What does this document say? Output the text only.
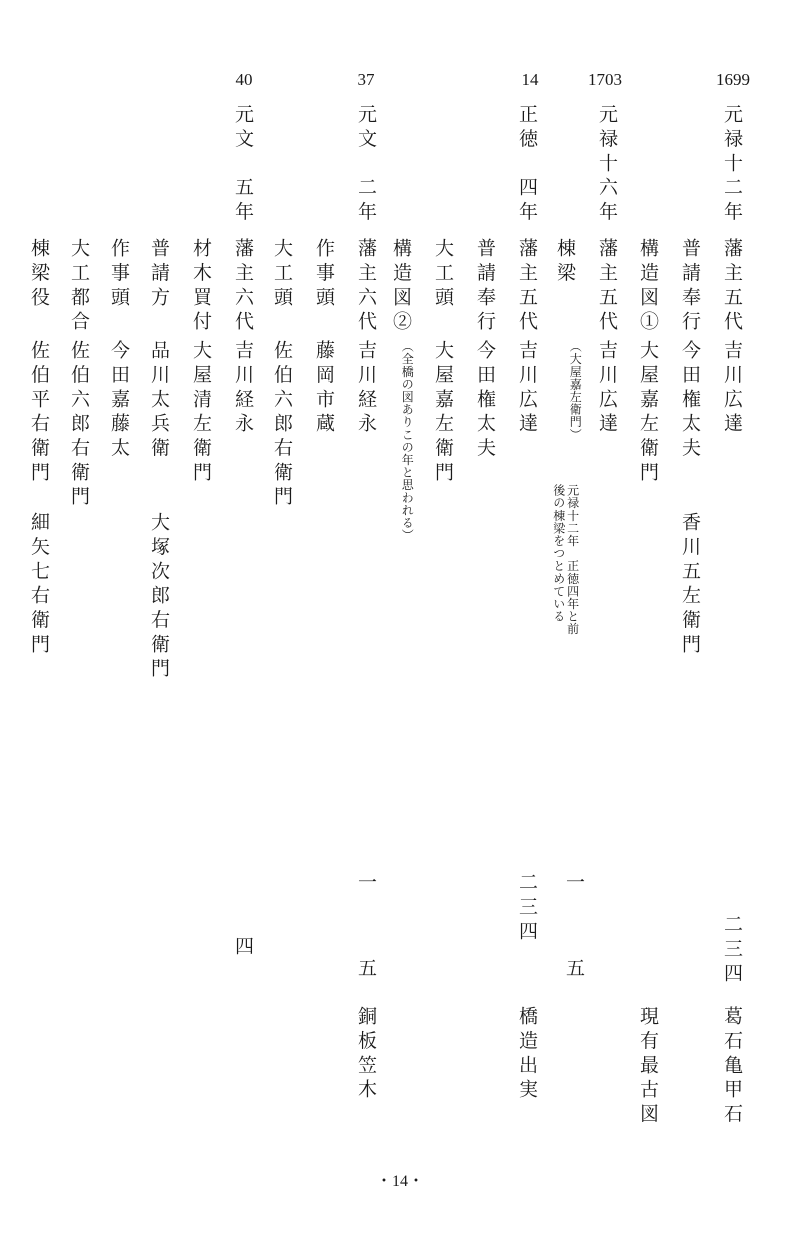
1699
元禄十二年
藩主五代
吉川広達
普請奉行
今田権太夫
香川五左衛門
構造図①
大屋嘉左衛門
二三四
葛石亀甲石
現有最古図
1703
元禄十六年
藩主五代
吉川広達
棟梁
（大屋嘉左衛門）
元禄十二年　正徳四年と前
後の棟梁をつとめている
一
五
14
正徳　四年
藩主五代
吉川広達
普請奉行
今田権太夫
大工頭
大屋嘉左衛門
構造図②
（全橋の図ありこの年と思われる）
二三四
橋造出実
37
元文　二年
藩主六代
吉川経永
作事頭
藤岡市蔵
大工頭
佐伯六郎右衛門
一
五
銅板笠木
40
元文　五年
藩主六代
吉川経永
材木買付
大屋清左衛門
普請方
品川太兵衛
大塚次郎右衛門
作事頭
今田嘉藤太
大工都合
佐伯六郎右衛門
棟梁役
佐伯平右衛門
細矢七右衛門
四
・14・
